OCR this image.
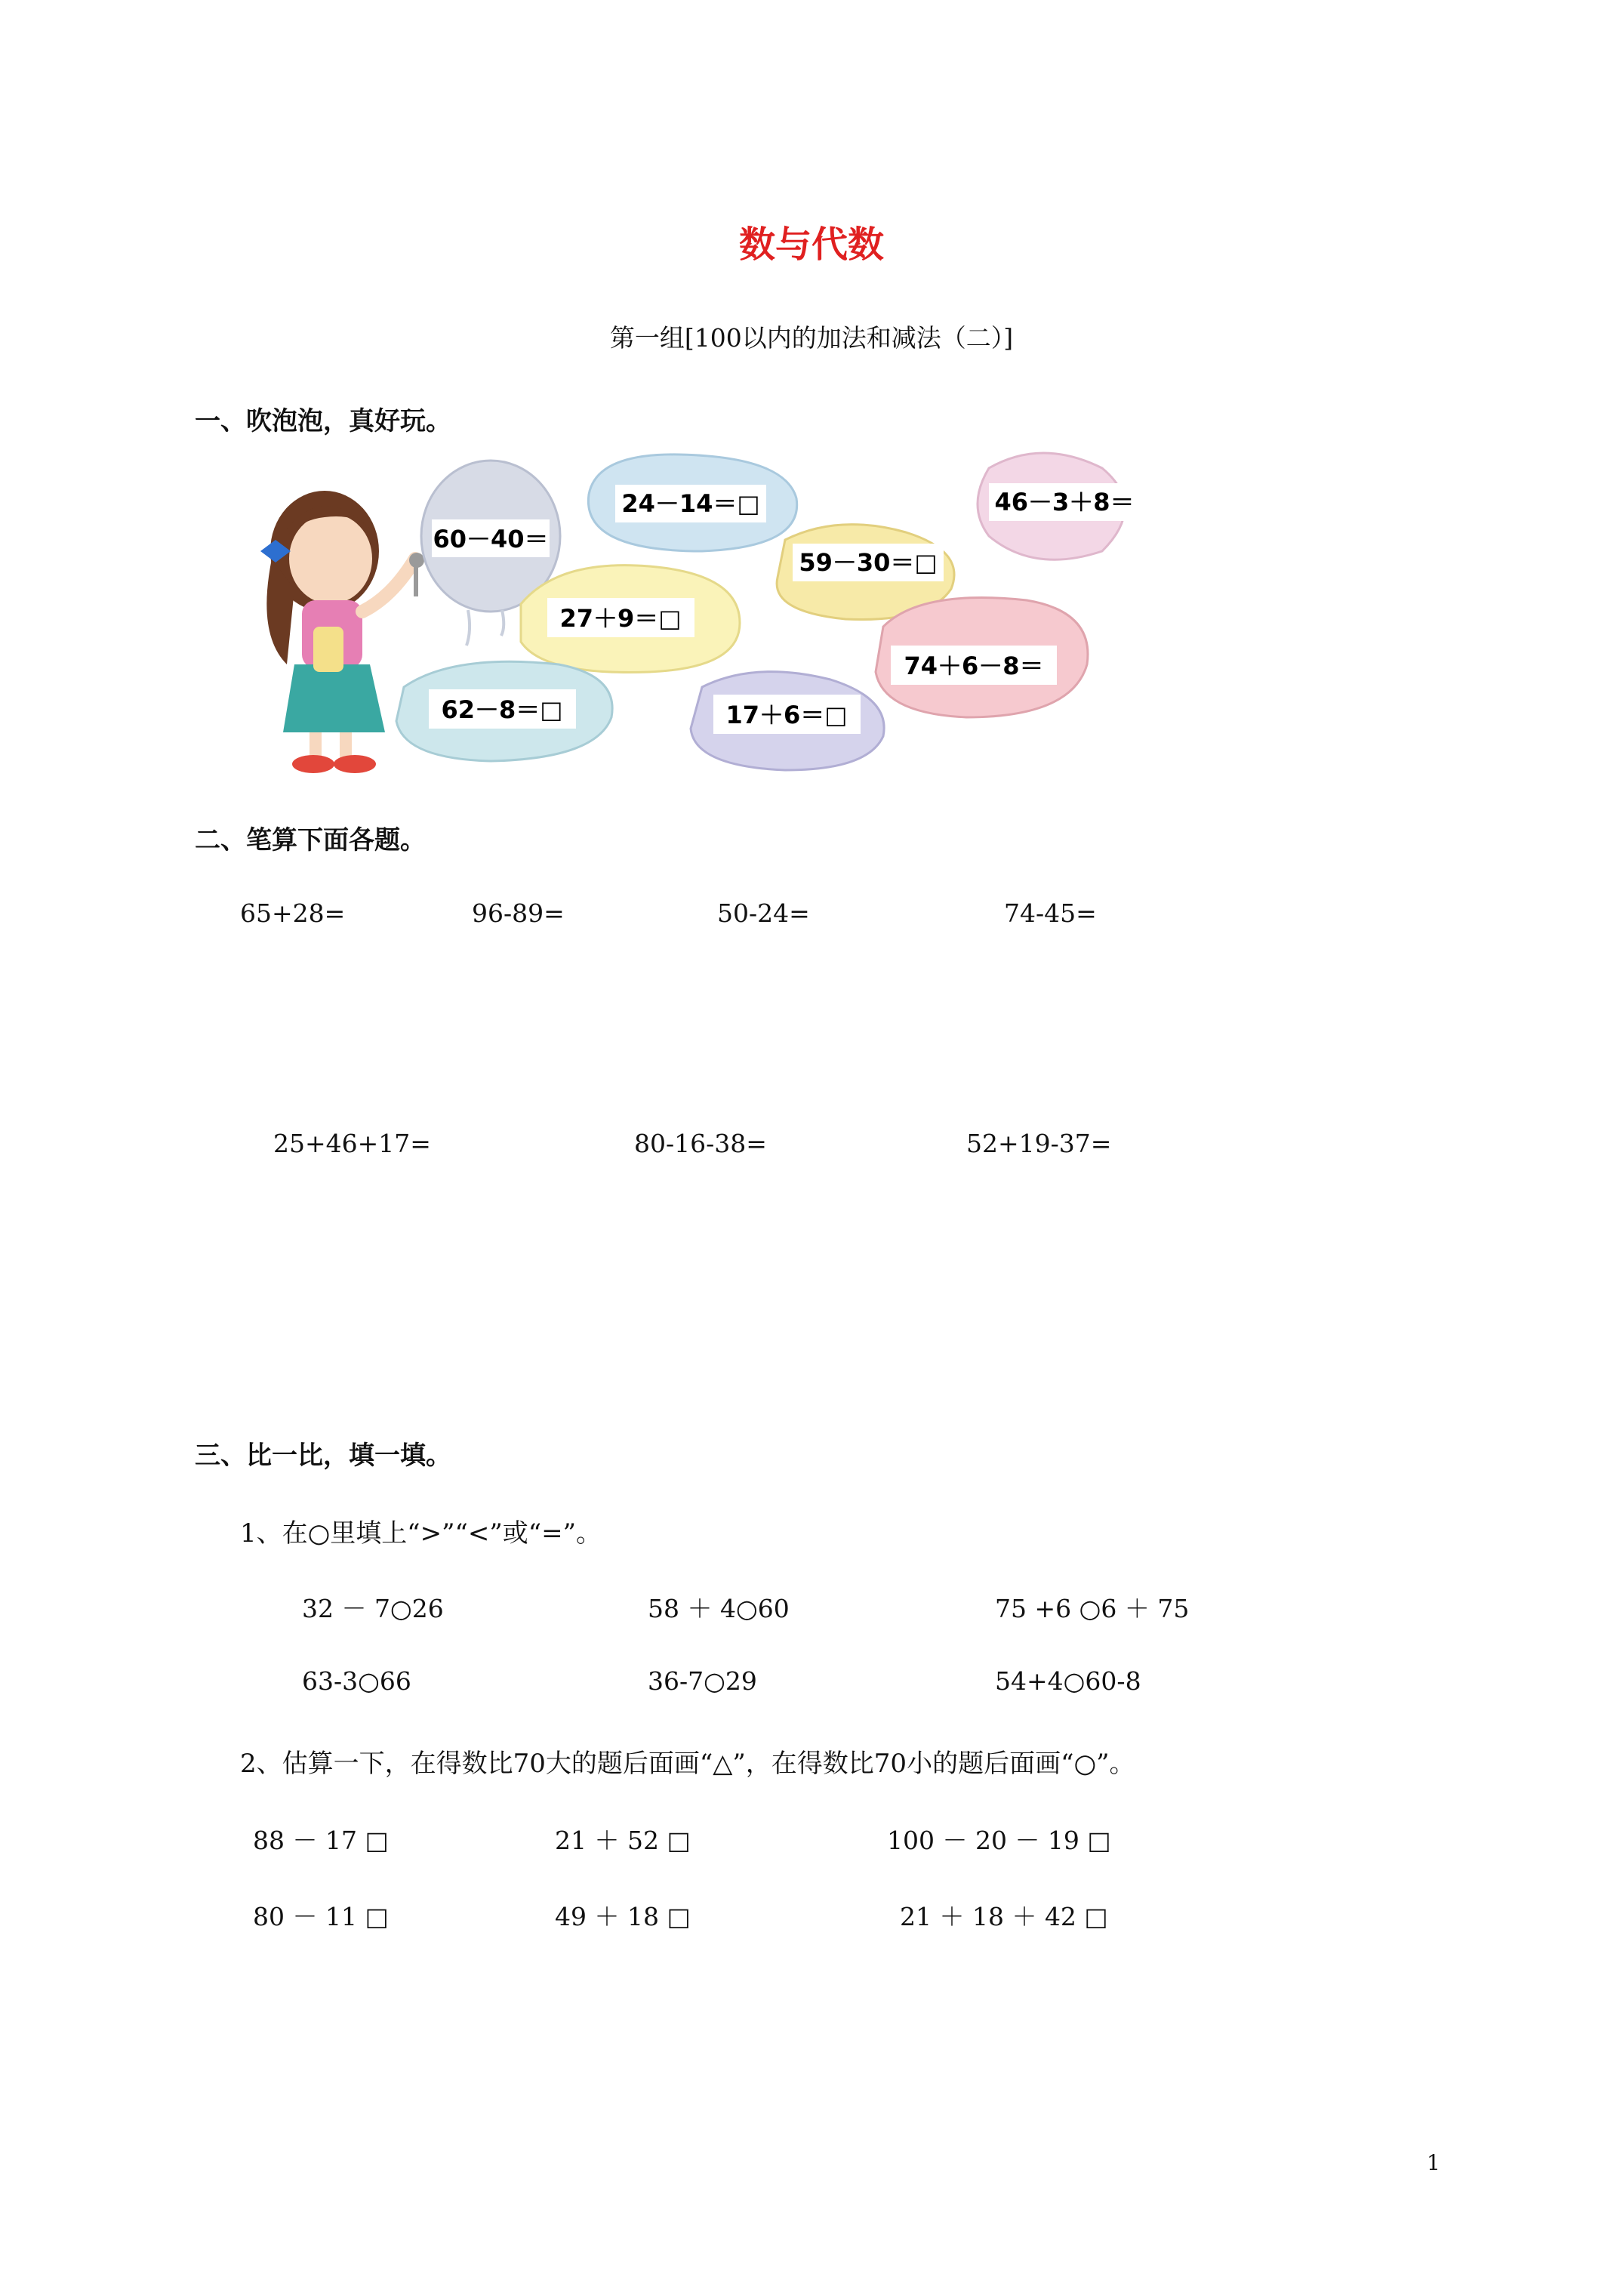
数与代数
第一组[100以内的加法和减法（二）]
一、吹泡泡，真好玩。
60－40＝
24－14＝□	46－3＋8＝
59－30＝□
27＋9＝□
74＋6－8＝
62－8＝□	17＋6＝□
二、笔算下面各题。
65+28=	96-89=	50-24=	74-45=
25+46+17=	80-16-38=	52+19-37=
三、比一比，填一填。
1、在○里填上“>”“<”或“=”。
32 － 7○26	58 ＋ 4○60	75 +6 ○6 ＋ 75
63-3○66	36-7○29	54+4○60-8
2、估算一下，在得数比70大的题后面画“△”，在得数比70小的题后面画“○”。
88 － 17 □	21 ＋ 52 □	100 － 20 － 19 □
80 － 11 □	49 ＋ 18 □	21 ＋ 18 ＋ 42 □
1
